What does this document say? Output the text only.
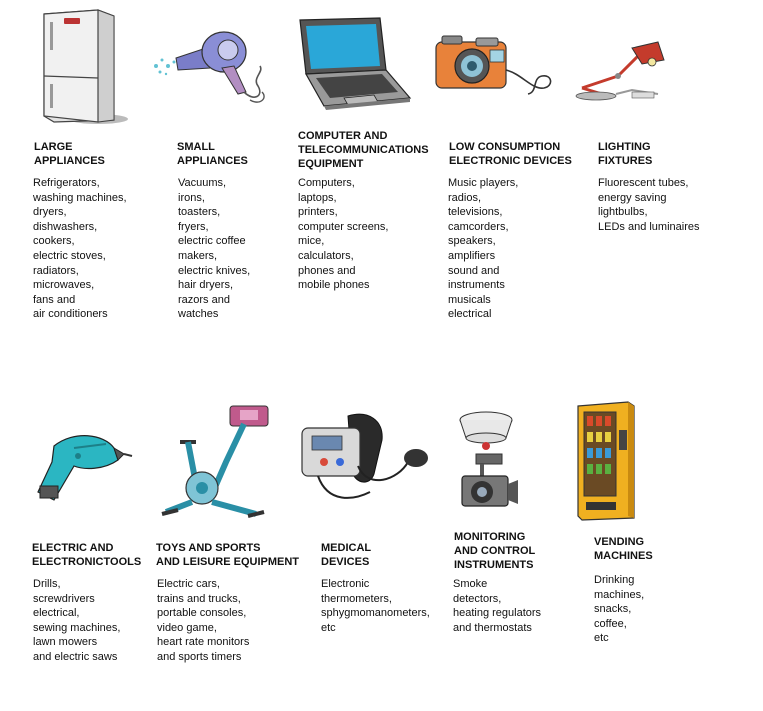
LARGE
APPLIANCES
Refrigerators,
washing machines,
dryers,
dishwashers,
cookers,
electric stoves,
radiators,
microwaves,
fans and
air conditioners
SMALL
APPLIANCES
Vacuums,
irons,
toasters,
fryers,
electric coffee
makers,
electric knives,
hair dryers,
razors and
watches
COMPUTER AND
TELECOMMUNICATIONS
EQUIPMENT
Computers,
laptops,
printers,
computer screens,
mice,
calculators,
phones and
mobile phones
LOW CONSUMPTION
ELECTRONIC DEVICES
Music players,
radios,
televisions,
camcorders,
speakers,
amplifiers
sound and
instruments
musicals
electrical
LIGHTING
FIXTURES
Fluorescent tubes,
energy saving
lightbulbs,
LEDs and luminaires
ELECTRIC AND
ELECTRONICTOOLS
Drills,
screwdrivers
electrical,
sewing machines,
lawn mowers
and electric saws
TOYS AND SPORTS
AND LEISURE EQUIPMENT
Electric cars,
trains and trucks,
portable consoles,
video game,
heart rate monitors
and sports timers
MEDICAL
DEVICES
Electronic
thermometers,
sphygmomanometers,
etc
MONITORING
AND CONTROL
INSTRUMENTS
Smoke
detectors,
heating regulators
and thermostats
VENDING
MACHINES
Drinking
machines,
snacks,
coffee,
etc
